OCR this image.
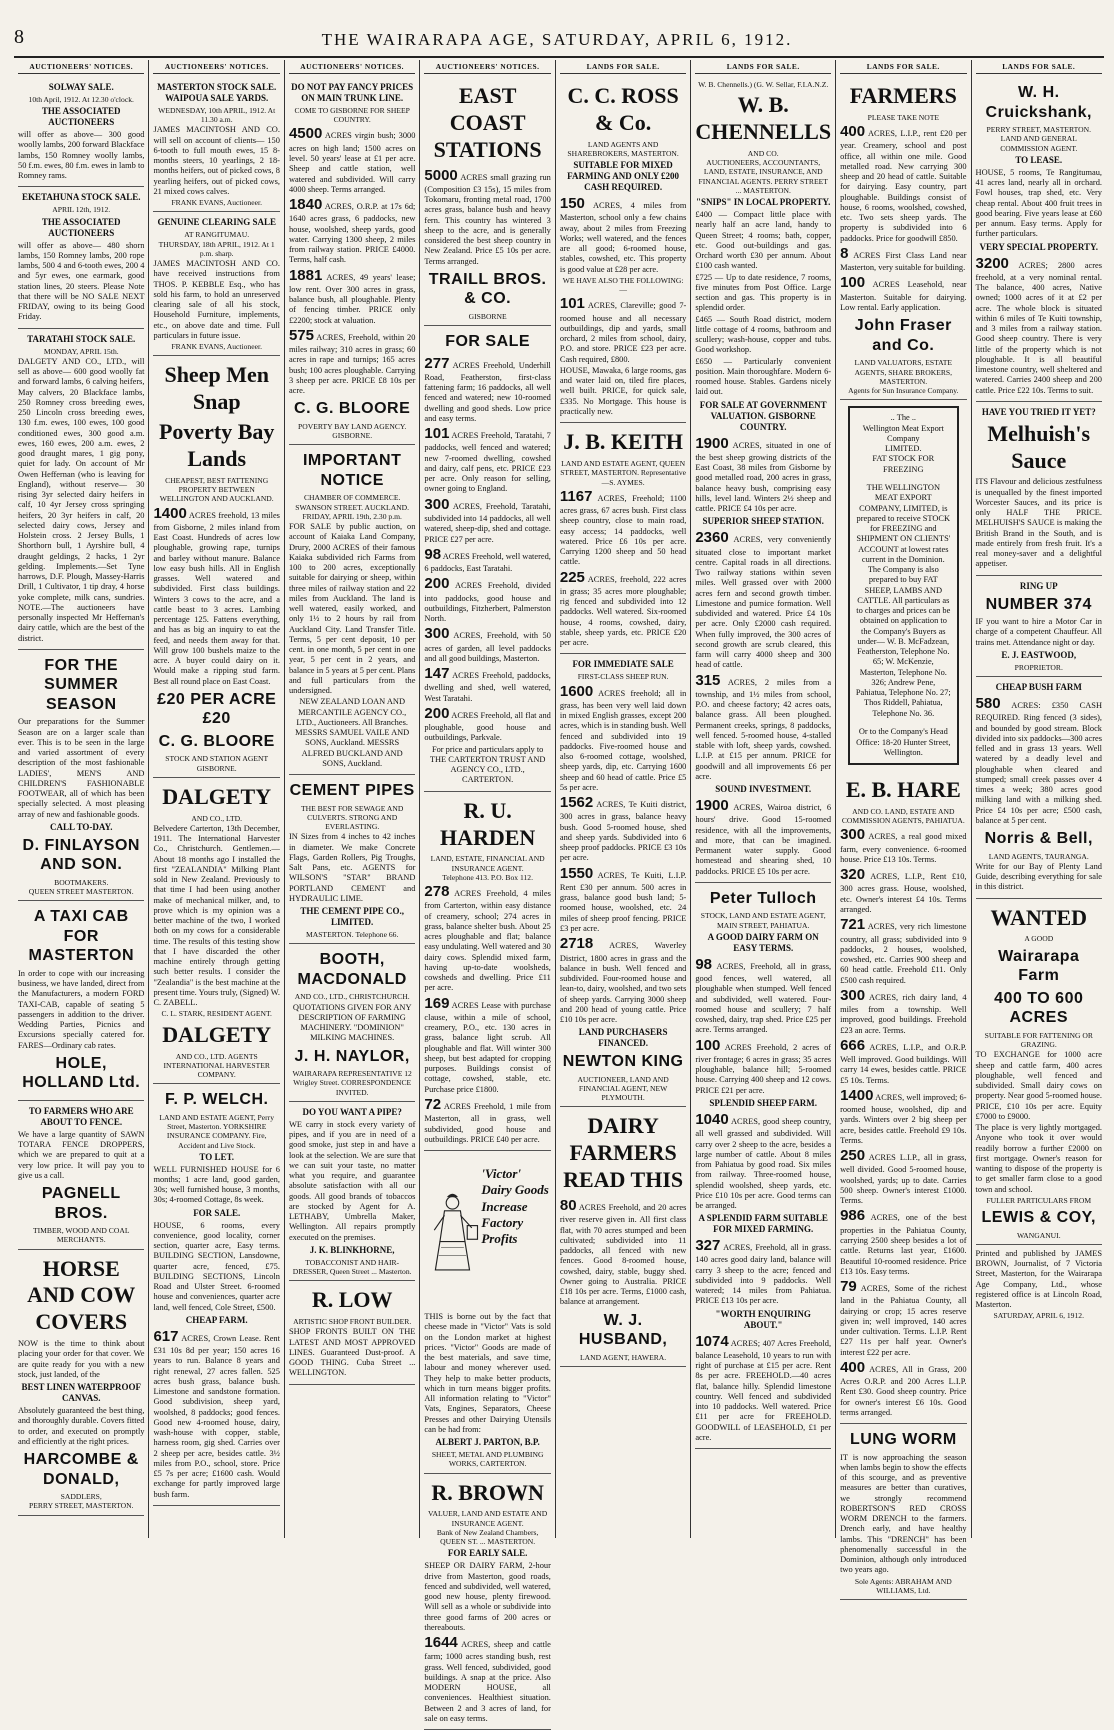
8	THE WAIRARAPA AGE, SATURDAY, APRIL 6, 1912.
AUCTIONEERS' NOTICES.
SOLWAY SALE.
10th April, 1912. At 12.30 o'clock.
THE ASSOCIATED AUCTIONEERS

will offer as above— 300 good woolly lambs, 200 forward Blackface lambs, 150 Romney woolly lambs, 50 f.m. ewes, 80 f.m. ewes in lamb to Romney rams.

EKETAHUNA STOCK SALE.
APRIL 12th, 1912.
THE ASSOCIATED AUCTIONEERS

will offer as above— 480 shorn lambs, 150 Romney lambs, 200 rope lambs, 500 4 and 6-tooth ewes, 200 4 and 5yr ewes, one earmark, good station lines, 20 steers. Please Note that there will be NO SALE NEXT FRIDAY, owing to its being Good Friday.

TARATAHI STOCK SALE.
MONDAY, APRIL 15th.

DALGETY AND CO., LTD., will sell as above— 600 good woolly fat and forward lambs, 6 calving heifers, May calvers, 20 Blackface lambs, 250 Romney cross breeding ewes, 250 Lincoln cross breeding ewes, 130 f.m. ewes, 100 ewes, 100 good conditioned ewes, 300 good a.m. ewes, 160 ewes, 200 a.m. ewes, 2 good draught mares, 1 gig pony, quiet for lady. On account of Mr Owen Heffernan (who is leaving for England), without reserve— 30 rising 3yr selected dairy heifers in calf, 10 4yr Jersey cross springing heifers, 20 3yr heifers in calf, 20 selected dairy cows, Jersey and Holstein cross. 2 Jersey Bulls, 1 Shorthorn bull, 1 Ayrshire bull, 4 draught geldings, 2 hacks, 1 2yr gelding. Implements.—Set Tyne harrows, D.F. Plough, Massey-Harris Drill, 1 Cultivator, 1 tip dray, 4 horse yoke complete, milk cans, sundries. NOTE.—The auctioneers have personally inspected Mr Heffernan's dairy cattle, which are the best of the district.

FOR THE SUMMER SEASON

Our preparations for the Summer Season are on a larger scale than ever. This is to be seen in the large and varied assortment of every description of the most fashionable LADIES', MEN'S AND CHILDREN'S FASHIONABLE FOOTWEAR, all of which has been specially selected. A most pleasing array of new and fashionable goods.

CALL TO-DAY.
D. FINLAYSON AND SON.
BOOTMAKERS.
QUEEN STREET MASTERTON.
A TAXI CAB FOR MASTERTON

In order to cope with our increasing business, we have landed, direct from the Manufacturers, a modern FORD TAXI-CAB, capable of seating 5 passengers in addition to the driver. Wedding Parties, Picnics and Excursions specially catered for. FARES—Ordinary cab rates.

HOLE, HOLLAND Ltd.
TO FARMERS WHO ARE ABOUT TO FENCE.

We have a large quantity of SAWN TOTARA FENCE DROPPERS, which we are prepared to quit at a very low price. It will pay you to give us a call.

PAGNELL BROS.
TIMBER, WOOD AND COAL MERCHANTS.
HORSE AND COW COVERS

NOW is the time to think about placing your order for that cover. We are quite ready for you with a new stock, just landed, of the

BEST LINEN WATERPROOF CANVAS.

Absolutely guaranteed the best thing, and thoroughly durable. Covers fitted to order, and executed on promptly and efficiently at the right prices.

HARCOMBE & DONALD,
SADDLERS,
PERRY STREET, MASTERTON.
AUCTIONEERS' NOTICES.
MASTERTON STOCK SALE. WAIPOUA SALE YARDS.
WEDNESDAY, 10th APRIL, 1912. At 11.30 a.m.

JAMES MACINTOSH AND CO. will sell on account of clients— 150 6-tooth to full mouth ewes, 15 8-months steers, 10 yearlings, 2 18-months heifers, out of picked cows, 8 yearling heifers, out of picked cows, 21 mixed cows calves.

FRANK EVANS, Auctioneer.
GENUINE CLEARING SALE
AT RANGITUMAU.
THURSDAY, 18th APRIL, 1912. At 1 p.m. sharp.

JAMES MACINTOSH AND CO. have received instructions from THOS. P. KEBBLE Esq., who has sold his farm, to hold an unreserved clearing sale of all his stock, Household Furniture, implements, etc., on above date and time. Full particulars in future issue.

FRANK EVANS, Auctioneer.
Sheep Men Snap
Poverty Bay Lands
CHEAPEST, BEST FATTENING PROPERTY BETWEEN WELLINGTON AND AUCKLAND.

1400 ACRES freehold, 13 miles from Gisborne, 2 miles inland from East Coast. Hundreds of acres low ploughable, growing rape, turnips and barley without manure. Balance low easy bush hills. All in English grasses. Well watered and subdivided. First class buildings. Winters 3 cows to the acre, and a cattle beast to 3 acres. Lambing percentage 125. Fattens everything, and has as big an inquiry to eat the feed, and needs them away for that. Will grow 100 bushels maize to the acre. A buyer could dairy on it. Would make a ripping stud farm. Best all round place on East Coast.

£20 PER ACRE £20
C. G. BLOORE
STOCK AND STATION AGENT GISBORNE.
DALGETY
AND CO., LTD.

Belvedere Carterton, 13th December, 1911. The International Harvester Co., Christchurch. Gentlemen.—About 18 months ago I installed the first "ZEALANDIA" Milking Plant sold in New Zealand. Previously to that time I had been using another make of mechanical milker, and, to prove which is my opinion was a better machine of the two, I worked both on my cows for a considerable time. The results of this testing show that I have discarded the other machine entirely through getting such better results. I consider the "Zealandia" is the best machine at the present time. Yours truly, (Signed) W. C. ZABELL.

C. L. STARK, RESIDENT AGENT.
DALGETY
AND CO., LTD. AGENTS INTERNATIONAL HARVESTER COMPANY.
F. P. WELCH.
LAND AND ESTATE AGENT, Perry Street, Masterton. YORKSHIRE INSURANCE COMPANY. Fire, Accident and Live Stock.
TO LET.

WELL FURNISHED HOUSE for 6 months; 1 acre land, good garden, 30s; well furnished house, 3 months, 30s; 4-roomed Cottage, 8s week.

FOR SALE.

HOUSE, 6 rooms, every convenience, good locality, corner section, quarter acre, Easy terms. BUILDING SECTION, Lansdowne, quarter acre, fenced, £75. BUILDING SECTIONS, Lincoln Road and Ulster Street. 6-roomed house and conveniences, quarter acre land, well fenced, Cole Street, £500.

CHEAP FARM.

617 ACRES, Crown Lease. Rent £31 10s 8d per year; 150 acres 16 years to run. Balance 8 years and right renewal, 27 acres fallen. 525 acres bush grass, balance bush. Limestone and sandstone formation. Good subdivision, sheep yard, woolshed, 8 paddocks; good fences. Good new 4-roomed house, dairy, wash-house with copper, stable, harness room, gig shed. Carries over 2 sheep per acre, besides cattle. 3½ miles from P.O., school, store. Price £5 7s per acre; £1600 cash. Would exchange for partly improved large bush farm.

AUCTIONEERS' NOTICES.
DO NOT PAY FANCY PRICES ON MAIN TRUNK LINE.
COME TO GISBORNE FOR SHEEP COUNTRY.

4500 ACRES virgin bush; 3000 acres on high land; 1500 acres on level. 50 years' lease at £1 per acre. Sheep and cattle station, well watered and subdivided. Will carry 4000 sheep. Terms arranged.

1840 ACRES, O.R.P. at 17s 6d; 1640 acres grass, 6 paddocks, new house, woolshed, sheep yards, good water. Carrying 1300 sheep, 2 miles from railway station. PRICE £4000. Terms, half cash.

1881 ACRES, 49 years' lease; low rent. Over 300 acres in grass, balance bush, all ploughable. Plenty of fencing timber. PRICE only £2200; stock at valuation.

575 ACRES, Freehold, within 20 miles railway; 310 acres in grass; 60 acres in rape and turnips; 165 acres bush; 100 acres ploughable. Carrying 3 sheep per acre. PRICE £8 10s per acre.

C. G. BLOORE
POVERTY BAY LAND AGENCY. GISBORNE.
IMPORTANT NOTICE
CHAMBER OF COMMERCE. SWANSON STREET. AUCKLAND.
FRIDAY, APRIL 19th, 2.30 p.m.

FOR SALE by public auction, on account of Kaiaka Land Company, Drury, 2000 ACRES of their famous Kaiaka subdivided rich Farms from 100 to 200 acres, exceptionally suitable for dairying or sheep, within three miles of railway station and 22 miles from Auckland. The land is well watered, easily worked, and only 1½ to 2 hours by rail from Auckland City. Land Transfer Title. Terms, 5 per cent deposit, 10 per cent. in one month, 5 per cent in one year, 5 per cent in 2 years, and balance in 5 years at 5 per cent. Plans and full particulars from the undersigned.

NEW ZEALAND LOAN AND MERCANTILE AGENCY CO., LTD., Auctioneers. All Branches. MESSRS SAMUEL VAILE AND SONS, Auckland. MESSRS ALFRED BUCKLAND AND SONS, Auckland.

CEMENT PIPES
THE BEST FOR SEWAGE AND CULVERTS. STRONG AND EVERLASTING.

IN Sizes from 4 inches to 42 inches in diameter. We make Concrete Flags, Garden Rollers, Pig Troughs, Salt Pans, etc. AGENTS for WILSON'S "STAR" BRAND PORTLAND CEMENT and HYDRAULIC LIME.

THE CEMENT PIPE CO., LIMITED.
MASTERTON. Telephone 66.
BOOTH, MACDONALD
AND CO., LTD., CHRISTCHURCH.

QUOTATIONS GIVEN FOR ANY DESCRIPTION OF FARMING MACHINERY. "DOMINION" MILKING MACHINES.

J. H. NAYLOR,
WAIRARAPA REPRESENTATIVE 12 Wrigley Street. CORRESPONDENCE INVITED.
DO YOU WANT A PIPE?

WE carry in stock every variety of pipes, and if you are in need of a good smoke, just step in and have a look at the selection. We are sure that we can suit your taste, no matter what you require, and guarantee absolute satisfaction with all our goods. All good brands of tobaccos are stocked by Agent for A. LETHABY, Umbrella Maker, Wellington. All repairs promptly executed on the premises.

J. K. BLINKHORNE,
TOBACCONIST AND HAIR-DRESSER, Queen Street ... Masterton.
R. LOW
ARTISTIC SHOP FRONT BUILDER.

SHOP FRONTS BUILT ON THE LATEST AND MOST APPROVED LINES. Guaranteed Dust-proof. A GOOD THING. Cuba Street ... WELLINGTON.

AUCTIONEERS' NOTICES.
EAST COAST STATIONS

5000 ACRES small grazing run (Composition £3 15s), 15 miles from Tokomaru, fronting metal road, 1700 acres grass, balance bush and heavy fern. This country has wintered 3 sheep to the acre, and is generally considered the best sheep country in New Zealand. Price £5 10s per acre. Terms arranged.

TRAILL BROS. & CO.
GISBORNE
FOR SALE

277 ACRES Freehold, Underhill Road, Featherston, first-class fattening farm; 16 paddocks, all well fenced and watered; new 10-roomed dwelling and good sheds. Low price and easy terms.

101 ACRES Freehold, Taratahi, 7 paddocks, well fenced and watered; new 7-roomed dwelling, cowshed and dairy, calf pens, etc. PRICE £23 per acre. Only reason for selling, owner going to England.

300 ACRES, Freehold, Taratahi, subdivided into 14 paddocks, all well watered, sheep-dip, shed and cottage. PRICE £27 per acre.

98 ACRES Freehold, well watered, 6 paddocks, East Taratahi.

200 ACRES Freehold, divided into paddocks, good house and outbuildings, Fitzherbert, Palmerston North.

300 ACRES, Freehold, with 50 acres of garden, all level paddocks and all good buildings, Masterton.

147 ACRES Freehold, paddocks, dwelling and shed, well watered, West Taratahi.

200 ACRES Freehold, all flat and ploughable, good house and outbuildings, Parkvale.

For price and particulars apply to THE CARTERTON TRUST AND AGENCY CO., LTD., CARTERTON.

R. U. HARDEN
LAND, ESTATE, FINANCIAL AND INSURANCE AGENT.
Telephone 413. P.O. Box 112.

278 ACRES Freehold, 4 miles from Carterton, within easy distance of creamery, school; 274 acres in grass, balance shelter bush. About 25 acres ploughable and flat; balance easy undulating. Well watered and 30 dairy cows. Splendid mixed farm, having up-to-date woolsheds, cowsheds and dwelling. Price £11 per acre.

169 ACRES Lease with purchase clause, within a mile of school, creamery, P.O., etc. 130 acres in grass, balance light scrub. All ploughable and flat. Will winter 300 sheep, but best adapted for cropping purposes. Buildings consist of cottage, cowshed, stable, etc. Purchase price £1800.

72 ACRES Freehold, 1 mile from Masterton, all in grass, well subdivided, good house and outbuildings. PRICE £40 per acre.

'Victor' Dairy Goods Increase Factory Profits

THIS is borne out by the fact that cheese made in "Victor" Vats is sold on the London market at highest prices. "Victor" Goods are made of the best materials, and save time, labour and money wherever used. They help to make better products, which in turn means bigger profits. All information relating to "Victor" Vats, Engines, Separators, Cheese Presses and other Dairying Utensils can be had from:

ALBERT J. PARTON, B.P.
SHEET, METAL AND PLUMBING WORKS, CARTERTON.
R. BROWN
VALUER, LAND AND ESTATE AND INSURANCE AGENT.
Bank of New Zealand Chambers, QUEEN ST. ... MASTERTON.
FOR EARLY SALE.

SHEEP OR DAIRY FARM, 2-hour drive from Masterton, good roads, fenced and subdivided, well watered, good new house, plenty firewood. Will sell as a whole or subdivide into three good farms of 200 acres or thereabouts.

1644 ACRES, sheep and cattle farm; 1000 acres standing bush, rest grass. Well fenced, subdivided, good buildings. A snap at the price. Also MODERN HOUSE, all conveniences. Healthiest situation. Between 2 and 3 acres of land, for sale on easy terms.

LANDS FOR SALE.
C. C. ROSS & Co.
LAND AGENTS AND SHAREBROKERS, MASTERTON.
SUITABLE FOR MIXED FARMING AND ONLY £200 CASH REQUIRED.

150 ACRES, 4 miles from Masterton, school only a few chains away, about 2 miles from Freezing Works; well watered, and the fences are all good; 6-roomed house, stables, cowshed, etc. This property is good value at £28 per acre.

WE HAVE ALSO THE FOLLOWING:—

101 ACRES, Clareville; good 7-roomed house and all necessary outbuildings, dip and yards, small orchard, 2 miles from school, dairy, P.O. and store. PRICE £23 per acre. Cash required, £800.

HOUSE, Mawaka, 6 large rooms, gas and water laid on, tiled fire places, well built. PRICE, for quick sale, £335. No Mortgage. This house is practically new.

J. B. KEITH
LAND AND ESTATE AGENT, QUEEN STREET, MASTERTON. Representative—S. AYMES.

1167 ACRES, Freehold; 1100 acres grass, 67 acres bush. First class sheep country, close to main road, easy access; 14 paddocks, well watered. Price £6 10s per acre. Carrying 1200 sheep and 50 head cattle.

225 ACRES, freehold, 222 acres in grass; 35 acres more ploughable; rig fenced and subdivided into 12 paddocks. Well watered. Six-roomed house, 4 rooms, cowshed, dairy, stable, sheep yards, etc. PRICE £20 per acre.

FOR IMMEDIATE SALE
FIRST-CLASS SHEEP RUN.

1600 ACRES freehold; all in grass, has been very well laid down in mixed English grasses, except 200 acres, which is in standing bush. Well fenced and subdivided into 19 paddocks. Five-roomed house and also 6-roomed cottage, woolshed, sheep yards, dip, etc. Carrying 1600 sheep and 60 head of cattle. Price £5 5s per acre.

1562 ACRES, Te Kuiti district, 300 acres in grass, balance heavy bush. Good 5-roomed house, shed and sheep yards. Subdivided into 6 sheep proof paddocks. PRICE £3 10s per acre.

1550 ACRES, Te Kuiti, L.I.P. Rent £30 per annum. 500 acres in grass, balance good bush land; 5-roomed house, woolshed, etc. 24 miles of sheep proof fencing. PRICE £3 per acre.

2718 ACRES, Waverley District, 1800 acres in grass and the balance in bush. Well fenced and subdivided. Four-roomed house and lean-to, dairy, woolshed, and two sets of sheep yards. Carrying 3000 sheep and 200 head of young cattle. Price £10 10s per acre.

LAND PURCHASERS FINANCED.
NEWTON KING
AUCTIONEER, LAND AND FINANCIAL AGENT, NEW PLYMOUTH.
DAIRY FARMERS READ THIS

80 ACRES Freehold, and 20 acres river reserve given in. All first class flat, with 70 acres stumped and been cultivated; subdivided into 11 paddocks, all fenced with new fences. Good 8-roomed house, cowshed, dairy, stable, buggy shed. Owner going to Australia. PRICE £18 10s per acre. Terms, £1000 cash, balance at arrangement.

W. J. HUSBAND,
LAND AGENT, HAWERA.
LANDS FOR SALE.
W. B. Chennells.) (G. W. Sellar, F.I.A.N.Z.
W. B. CHENNELLS
AND CO.
AUCTIONEERS, ACCOUNTANTS, LAND, ESTATE, INSURANCE, AND FINANCIAL AGENTS. PERRY STREET ... MASTERTON.
"SNIPS" IN LOCAL PROPERTY.

£400 — Compact little place with nearly half an acre land, handy to Queen Street; 4 rooms; bath, copper, etc. Good out-buildings and gas. Orchard worth £30 per annum. About £100 cash wanted.

£725 — Up to date residence, 7 rooms, five minutes from Post Office. Large section and gas. This property is in splendid order.

£465 — South Road district, modern little cottage of 4 rooms, bathroom and scullery; wash-house, copper and tubs. Good workshop.

£650 — Particularly convenient position. Main thoroughfare. Modern 6-roomed house. Stables. Gardens nicely laid out.

FOR SALE AT GOVERNMENT VALUATION. GISBORNE COUNTRY.

1900 ACRES, situated in one of the best sheep growing districts of the East Coast, 38 miles from Gisborne by good metalled road, 200 acres in grass, balance heavy bush, comprising easy hills, level land. Winters 2½ sheep and cattle. PRICE £4 10s per acre.

SUPERIOR SHEEP STATION.

2360 ACRES, very conveniently situated close to important market centre. Capital roads in all directions. Two railway stations within seven miles. Well grassed over with 2000 acres fern and second growth timber. Limestone and pumice formation. Well subdivided and watered. Price £4 10s per acre. Only £2000 cash required. When fully improved, the 300 acres of second growth are scrub cleared, this farm will carry 4000 sheep and 300 head of cattle.

315 ACRES, 2 miles from a township, and 1½ miles from school, P.O. and cheese factory; 42 acres oats, balance grass. All been ploughed. Permanent creeks, springs, 8 paddocks, well fenced. 5-roomed house, 4-stalled stable with loft, sheep yards, cowshed. L.I.P. at £15 per annum. PRICE for goodwill and all improvements £6 per acre.

SOUND INVESTMENT.

1900 ACRES, Wairoa district, 6 hours' drive. Good 15-roomed residence, with all the improvements, and more, that can be imagined. Permanent water supply. Good homestead and shearing shed, 10 paddocks. PRICE £5 10s per acre.

Peter Tulloch
STOCK, LAND AND ESTATE AGENT, MAIN STREET, PAHIATUA.
A GOOD DAIRY FARM ON EASY TERMS.

98 ACRES, Freehold, all in grass, good fences, well watered, all ploughable when stumped. Well fenced and subdivided, well watered. Four-roomed house and scullery; 7 half cowshed, dairy, trap shed. Price £25 per acre. Terms arranged.

100 ACRES Freehold, 2 acres of river frontage; 6 acres in grass; 35 acres ploughable, balance hill; 5-roomed house. Carrying 400 sheep and 12 cows. PRICE £21 per acre.

SPLENDID SHEEP FARM.

1040 ACRES, good sheep country, all well grassed and subdivided. Will carry over 2 sheep to the acre, besides a large number of cattle. About 8 miles from Pahiatua by good road. Six miles from railway. Three-roomed house, splendid woolshed, sheep yards, etc. Price £10 10s per acre. Good terms can be arranged.

A SPLENDID FARM SUITABLE FOR MIXED FARMING.

327 ACRES, Freehold, all in grass. 140 acres good dairy land, balance will carry 3 sheep to the acre; fenced and subdivided into 9 paddocks. Well watered; 14 miles from Pahiatua. PRICE £13 10s per acre.

"WORTH ENQUIRING ABOUT."

1074 ACRES; 407 Acres Freehold, balance Leasehold, 10 years to run with right of purchase at £15 per acre. Rent 8s per acre. FREEHOLD.—40 acres flat, balance hilly. Splendid limestone country. Well fenced and subdivided into 10 paddocks. Well watered. Price £11 per acre for FREEHOLD. GOODWILL of LEASEHOLD, £1 per acre.

LANDS FOR SALE.
FARMERS
PLEASE TAKE NOTE

400 ACRES, L.I.P., rent £20 per year. Creamery, school and post office, all within one mile. Good metalled road. New carrying 300 sheep and 20 head of cattle. Suitable for dairying. Easy country, part ploughable. Buildings consist of house, 6 rooms, woolshed, cowshed, etc. Two sets sheep yards. The property is subdivided into 6 paddocks. Price for goodwill £850.

8 ACRES First Class Land near Masterton, very suitable for building.

100 ACRES Leasehold, near Masterton. Suitable for dairying. Low rental. Early application.

John Fraser and Co.
LAND VALUATORS, ESTATE AGENTS, SHARE BROKERS, MASTERTON.
Agents for Sun Insurance Company.
.. The ..
Wellington Meat Export Company
LIMITED.
FAT STOCK FOR FREEZING

THE WELLINGTON MEAT EXPORT COMPANY, LIMITED, is prepared to receive STOCK for FREEZING and SHIPMENT ON CLIENTS' ACCOUNT at lowest rates current in the Dominion. The Company is also prepared to buy FAT SHEEP, LAMBS AND CATTLE. All particulars as to charges and prices can be obtained on application to the Company's Buyers as under— W. B. McFadzean, Featherston, Telephone No. 65; W. McKenzie, Masterton, Telephone No. 326; Andrew Pene, Pahiatua, Telephone No. 27; Thos Riddell, Pahiatua, Telephone No. 36.

Or to the Company's Head Office: 18-20 Hunter Street, Wellington.
E. B. HARE
AND CO. LAND, ESTATE AND COMMISSION AGENTS, PAHIATUA.

300 ACRES, a real good mixed farm, every convenience. 6-roomed house. Price £13 10s. Terms.

320 ACRES, L.I.P., Rent £10, 300 acres grass. House, woolshed, etc. Owner's interest £4 10s. Terms arranged.

721 ACRES, very rich limestone country, all grass; subdivided into 9 paddocks, 2 houses, woolshed, cowshed, etc. Carries 900 sheep and 60 head cattle. Freehold £11. Only £500 cash required.

300 ACRES, rich dairy land, 4 miles from a township. Well improved, good buildings. Freehold £23 an acre. Terms.

666 ACRES, L.I.P., and O.R.P. Well improved. Good buildings. Will carry 14 ewes, besides cattle. PRICE £5 10s. Terms.

1400 ACRES, well improved; 6-roomed house, woolshed, dip and yards. Winters over 2 big sheep per acre, besides cattle. Freehold £9 10s. Terms.

250 ACRES L.I.P., all in grass, well divided. Good 5-roomed house, woolshed, yards; up to date. Carries 500 sheep. Owner's interest £1000. Terms.

986 ACRES, one of the best properties in the Pahiatua County, carrying 2500 sheep besides a lot of cattle. Returns last year, £1600. Beautiful 10-roomed residence. Price £13 10s. Easy terms.

79 ACRES, Some of the richest land in the Pahiatua County, all dairying or crop; 15 acres reserve given in; well improved, 140 acres under cultivation. Terms. L.I.P. Rent £27 11s per half year. Owner's interest £22 per acre.

400 ACRES, All in Grass, 200 Acres O.R.P. and 200 Acres L.I.P. Rent £30. Good sheep country. Price for owner's interest £6 10s. Good terms arranged.

LUNG WORM

IT is now approaching the season when lambs begin to show the effects of this scourge, and as preventive measures are better than curatives, we strongly recommend ROBERTSON'S RED CROSS WORM DRENCH to the farmers. Drench early, and have healthy lambs. This "DRENCH" has been phenomenally successful in the Dominion, although only introduced two years ago.

Sole Agents: ABRAHAM AND WILLIAMS, Ltd.
LANDS FOR SALE.
W. H. Cruickshank,
PERRY STREET, MASTERTON.
LAND AND GENERAL COMMISSION AGENT.
TO LEASE.

HOUSE, 5 rooms, Te Rangitumau, 41 acres land, nearly all in orchard. Fowl houses, trap shed, etc. Very cheap rental. About 400 fruit trees in good bearing. Five years lease at £60 per annum. Easy terms. Apply for further particulars.

VERY SPECIAL PROPERTY.

3200 ACRES; 2800 acres freehold, at a very nominal rental. The balance, 400 acres, Native owned; 1000 acres of it at £2 per acre. The whole block is situated within 6 miles of Te Kuiti township, and 3 miles from a railway station. Good sheep country. There is very little of the property which is not ploughable. It is all beautiful limestone country, well sheltered and watered. Carries 2400 sheep and 200 cattle. Price £22 10s. Terms to suit.

HAVE YOU TRIED IT YET?
Melhuish's Sauce

ITS Flavour and delicious zestfulness is unequalled by the finest imported Worcester Sauces, and its price is only HALF THE PRICE. MELHUISH'S SAUCE is making the British Brand in the South, and is made entirely from fresh fruit. It's a real money-saver and a delightful appetiser.

RING UP
NUMBER 374

IF you want to hire a Motor Car in charge of a competent Chauffeur. All trains met. Attendance night or day.

E. J. EASTWOOD,
PROPRIETOR.
CHEAP BUSH FARM

580 ACRES: £350 CASH REQUIRED. Ring fenced (3 sides), and bounded by good stream. Block divided into six paddocks—300 acres felled and in grass 13 years. Well watered by a deadly level and ploughable when cleared and stumped; small creek passes over 4 times a week; 380 acres good milking land with a milking shed. Price £4 10s per acre; £500 cash, balance at 5 per cent.

Norris & Bell,
LAND AGENTS, TAURANGA.

Write for our Bay of Plenty Land Guide, describing everything for sale in this district.

WANTED
A GOOD
Wairarapa Farm
400 TO 600 ACRES
SUITABLE FOR FATTENING OR GRAZING.

TO EXCHANGE for 1000 acre sheep and cattle farm, 400 acres ploughable, well fenced and subdivided. Small dairy cows on property. Near good 5-roomed house. PRICE, £10 10s per acre. Equity £7000 to £9000.

The place is very lightly mortgaged. Anyone who took it over would readily borrow a further £2000 on first mortgage. Owner's reason for wanting to dispose of the property is to get smaller farm close to a good town and school.

FULLER PARTICULARS FROM
LEWIS & COY,
WANGANUI.

Printed and published by JAMES BROWN, Journalist, of 7 Victoria Street, Masterton, for the Wairarapa Age Company, Ltd., whose registered office is at Lincoln Road, Masterton.

SATURDAY, APRIL 6, 1912.
